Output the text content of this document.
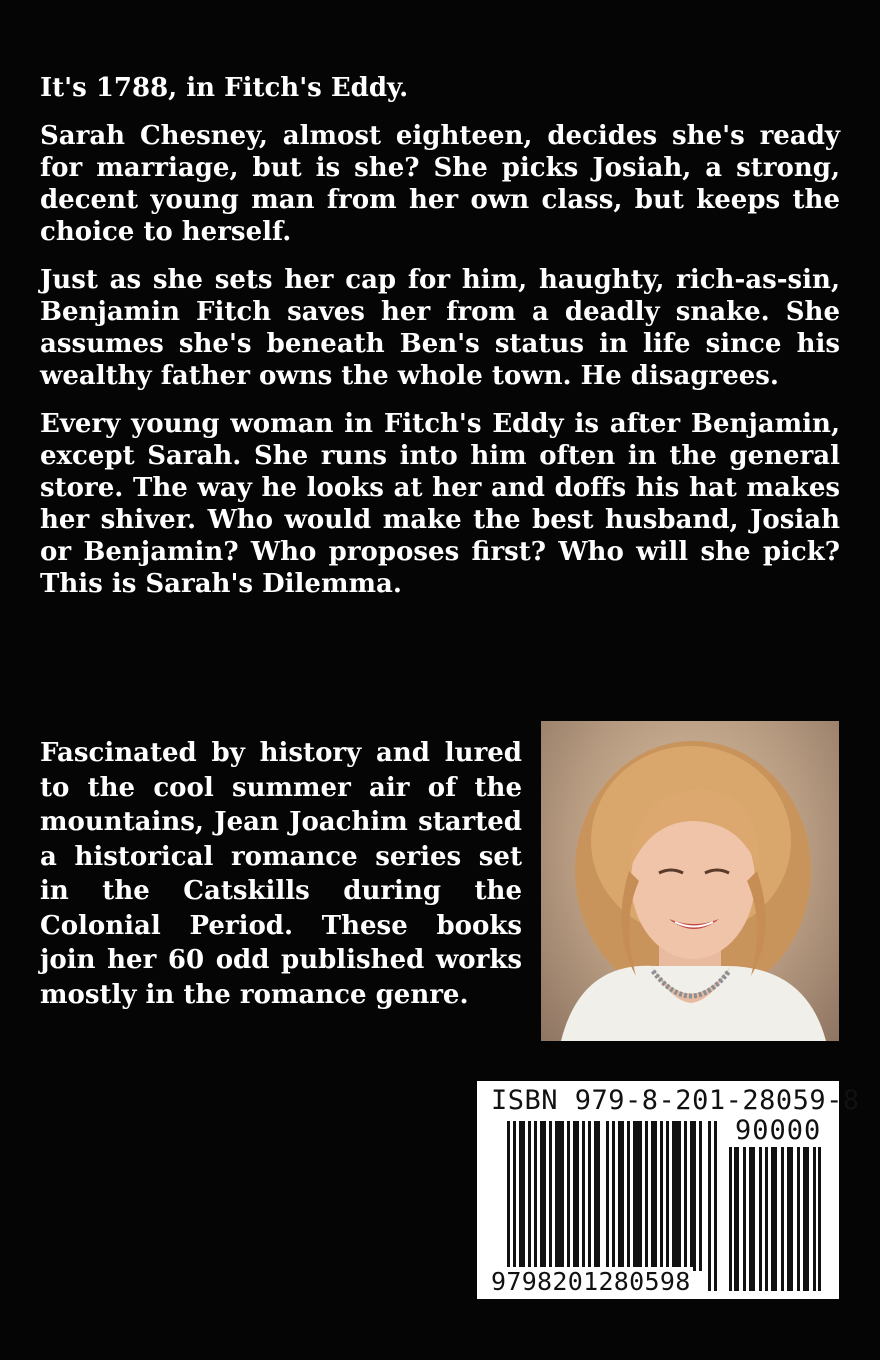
It's 1788, in Fitch's Eddy.

Sarah Chesney, almost eighteen, decides she's ready for marriage, but is she? She picks Josiah, a strong, decent young man from her own class, but keeps the choice to herself.

Just as she sets her cap for him, haughty, rich-as-sin, Benjamin Fitch saves her from a deadly snake. She assumes she's beneath Ben's status in life since his wealthy father owns the whole town. He disagrees.

Every young woman in Fitch's Eddy is after Benjamin, except Sarah. She runs into him often in the general store. The way he looks at her and doffs his hat makes her shiver. Who would make the best husband, Josiah or Benjamin? Who proposes first? Who will she pick? This is Sarah's Dilemma.

Fascinated by history and lured to the cool summer air of the mountains, Jean Joachim started a historical romance series set in the Catskills during the Colonial Period. These books join her 60 odd published works mostly in the romance genre.

ISBN 979-8-201-28059-8
90000
9798201280598
